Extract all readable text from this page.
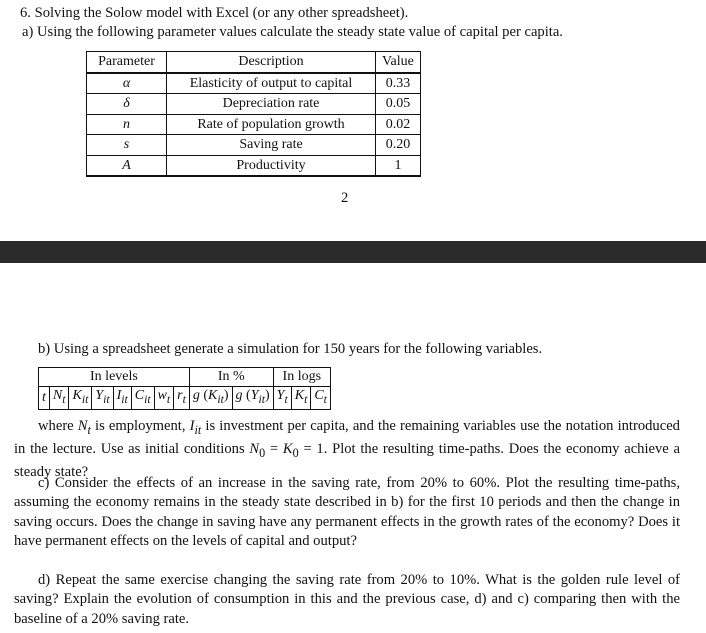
6. Solving the Solow model with Excel (or any other spreadsheet).
a) Using the following parameter values calculate the steady state value of capital per capita.
Parameter	Description	Value
α	Elasticity of output to capital	0.33
δ	Depreciation rate	0.05
n	Rate of population growth	0.02
s	Saving rate	0.20
A	Productivity	1
2
b) Using a spreadsheet generate a simulation for 150 years for the following variables.
In levels								In %		In logs		
t	$N_t$	$K_{it}$	$Y_{it}$	$I_{it}$	$C_{it}$	$w_t$	$r_t$	g $(K_{it})$	g $(Y_{it})$	$Y_t$	$K_t$	$C_t$
where $N_t$ is employment, $I_{it}$ is investment per capita, and the remaining variables use the notation introduced in the lecture. Use as initial conditions $N_0 = K_0 = 1$. Plot the resulting time-paths. Does the economy achieve a steady state?
c) Consider the effects of an increase in the saving rate, from 20% to 60%. Plot the resulting time-paths, assuming the economy remains in the steady state described in b) for the first 10 periods and then the change in saving occurs. Does the change in saving have any permanent effects in the growth rates of the economy? Does it have permanent effects on the levels of capital and output?
d) Repeat the same exercise changing the saving rate from 20% to 10%. What is the golden rule level of saving? Explain the evolution of consumption in this and the previous case, d) and c) comparing then with the baseline of a 20% saving rate.
